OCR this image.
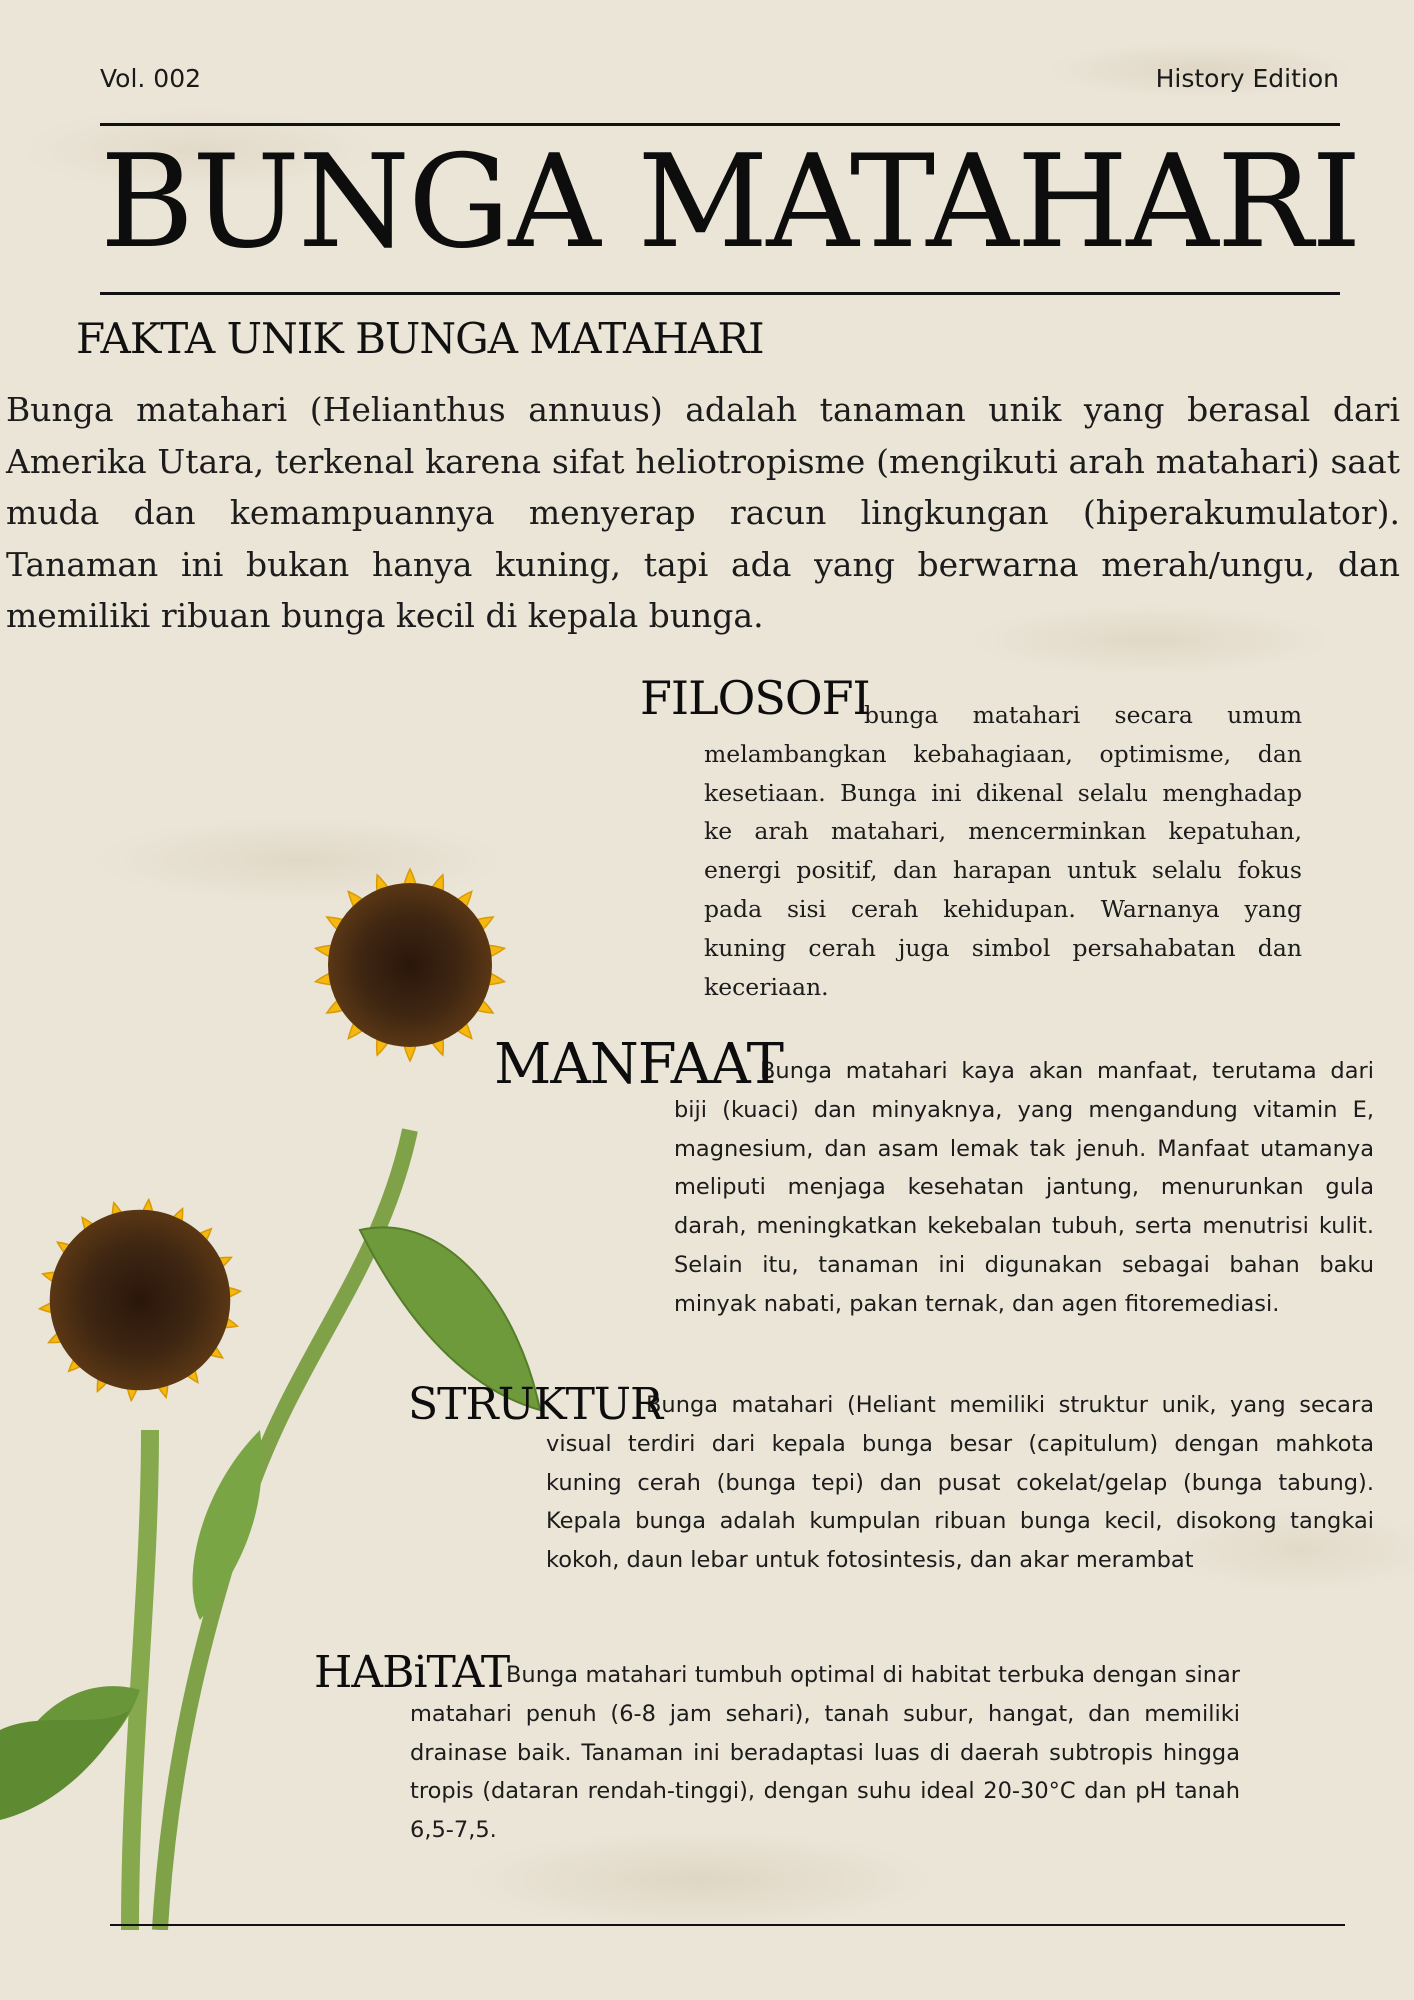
Vol. 002	History Edition
BUNGA MATAHARI
FAKTA UNIK BUNGA MATAHARI
Bunga matahari (Helianthus annuus) adalah tanaman unik yang berasal dari Amerika Utara, terkenal karena sifat heliotropisme (mengikuti arah matahari) saat muda dan kemampuannya menyerap racun lingkungan (hiperakumulator). Tanaman ini bukan hanya kuning, tapi ada yang berwarna merah/ungu, dan memiliki ribuan bunga kecil di kepala bunga.
FILOSOFI
bunga matahari secara umum melambangkan kebahagiaan, optimisme, dan kesetiaan. Bunga ini dikenal selalu menghadap ke arah matahari, mencerminkan kepatuhan, energi positif, dan harapan untuk selalu fokus pada sisi cerah kehidupan. Warnanya yang kuning cerah juga simbol persahabatan dan keceriaan.
MANFAAT
Bunga matahari kaya akan manfaat, terutama dari biji (kuaci) dan minyaknya, yang mengandung vitamin E, magnesium, dan asam lemak tak jenuh. Manfaat utamanya meliputi menjaga kesehatan jantung, menurunkan gula darah, meningkatkan kekebalan tubuh, serta menutrisi kulit. Selain itu, tanaman ini digunakan sebagai bahan baku minyak nabati, pakan ternak, dan agen fitoremediasi.
STRUKTUR
Bunga matahari (Heliant memiliki struktur unik, yang secara visual terdiri dari kepala bunga besar (capitulum) dengan mahkota kuning cerah (bunga tepi) dan pusat cokelat/gelap (bunga tabung). Kepala bunga adalah kumpulan ribuan bunga kecil, disokong tangkai kokoh, daun lebar untuk fotosintesis, dan akar merambat
HABiTAT
Bunga matahari tumbuh optimal di habitat terbuka dengan sinar matahari penuh (6-8 jam sehari), tanah subur, hangat, dan memiliki drainase baik. Tanaman ini beradaptasi luas di daerah subtropis hingga tropis (dataran rendah-tinggi), dengan suhu ideal 20-30°C dan pH tanah 6,5-7,5.
